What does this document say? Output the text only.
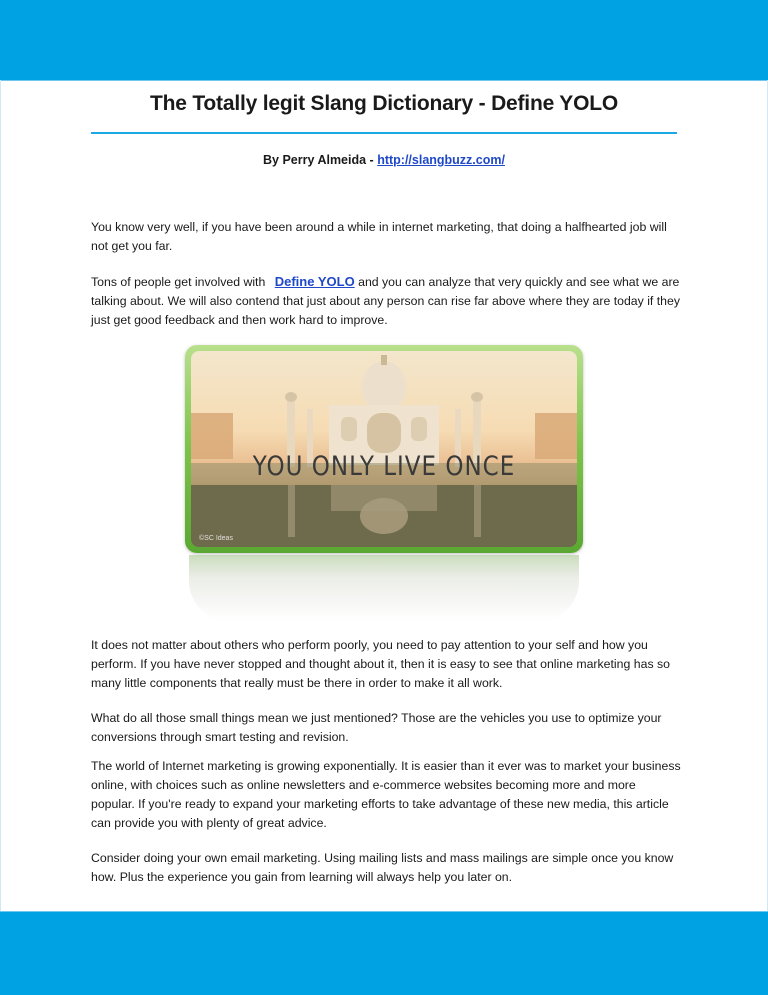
The Totally legit Slang Dictionary - Define YOLO
By Perry Almeida - http://slangbuzz.com/

You know very well, if you have been around a while in internet marketing, that doing a halfhearted job will not get you far.

Tons of people get involved with Define YOLO and you can analyze that very quickly and see what we are talking about. We will also contend that just about any person can rise far above where they are today if they just get good feedback and then work hard to improve.

YOU ONLY LIVE ONCE
©SC Ideas

It does not matter about others who perform poorly, you need to pay attention to your self and how you perform. If you have never stopped and thought about it, then it is easy to see that online marketing has so many little components that really must be there in order to make it all work.

What do all those small things mean we just mentioned? Those are the vehicles you use to optimize your conversions through smart testing and revision.

The world of Internet marketing is growing exponentially. It is easier than it ever was to market your business online, with choices such as online newsletters and e-commerce websites becoming more and more popular. If you're ready to expand your marketing efforts to take advantage of these new media, this article can provide you with plenty of great advice.

Consider doing your own email marketing. Using mailing lists and mass mailings are simple once you know how. Plus the experience you gain from learning will always help you later on.
